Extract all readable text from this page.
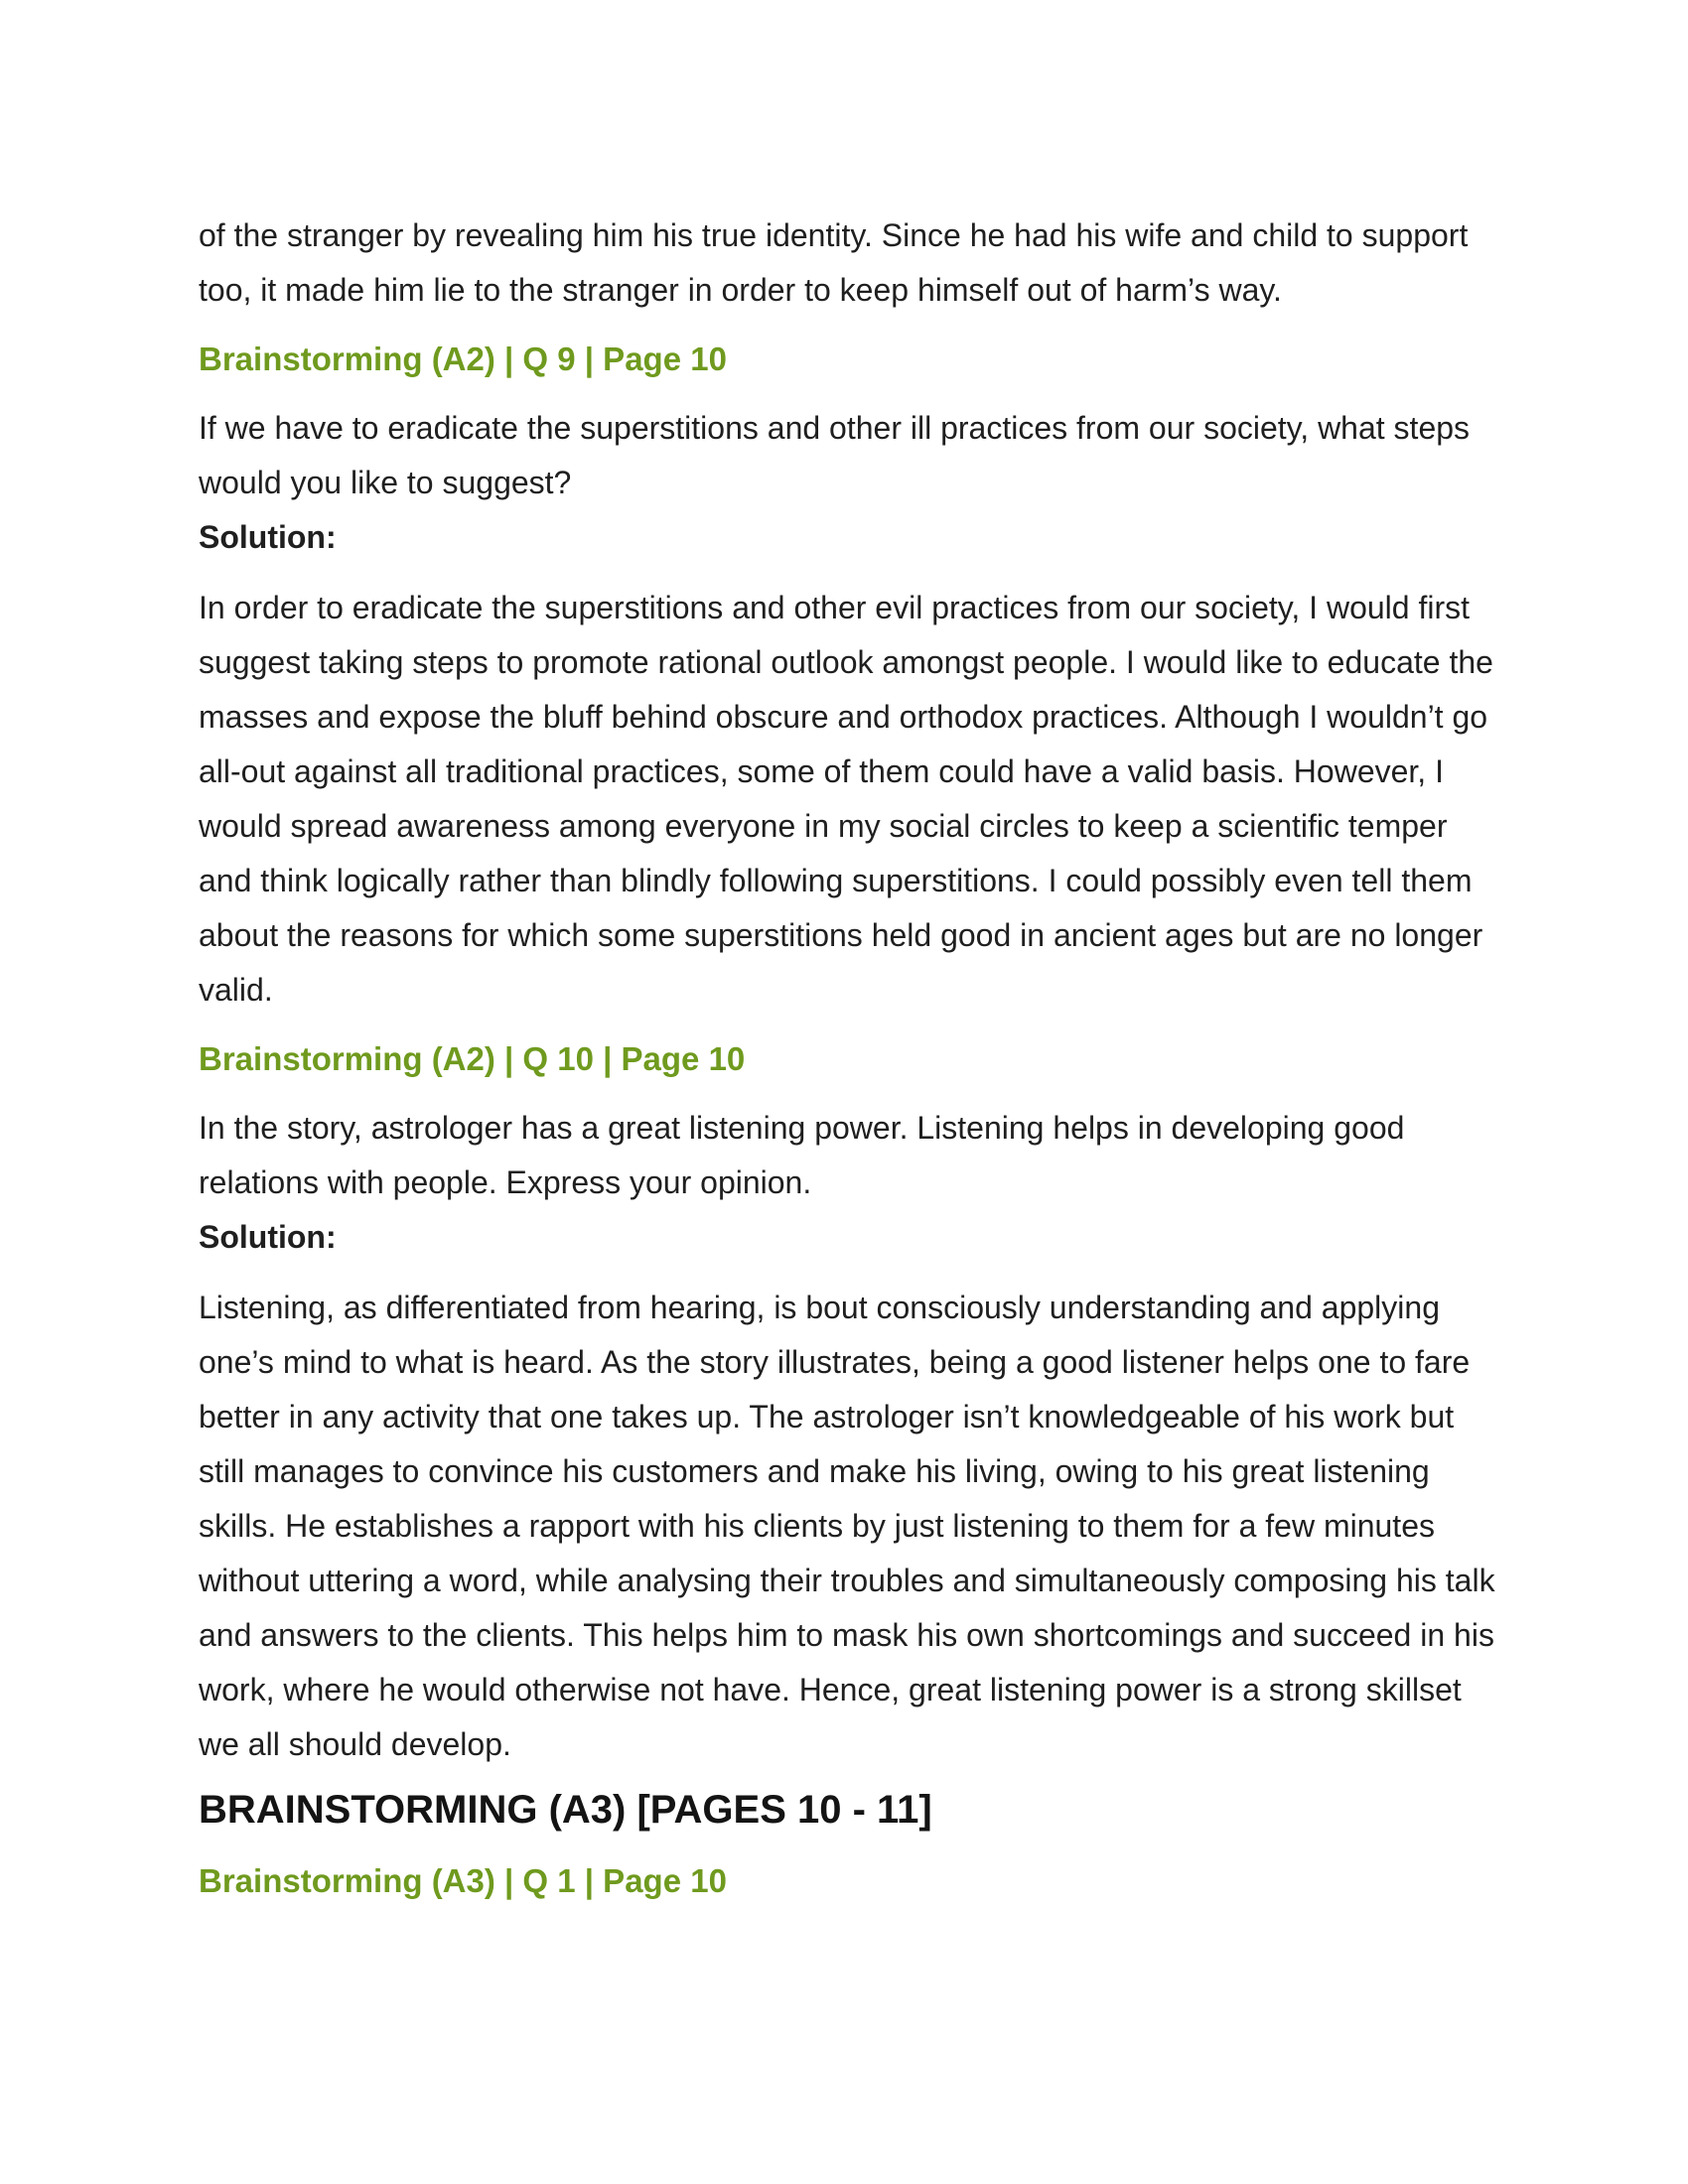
of the stranger by revealing him his true identity. Since he had his wife and child to support too, it made him lie to the stranger in order to keep himself out of harm’s way.

Brainstorming (A2) | Q 9 | Page 10

If we have to eradicate the superstitions and other ill practices from our society, what steps would you like to suggest?

Solution:

In order to eradicate the superstitions and other evil practices from our society, I would first suggest taking steps to promote rational outlook amongst people. I would like to educate the masses and expose the bluff behind obscure and orthodox practices. Although I wouldn’t go all-out against all traditional practices, some of them could have a valid basis. However, I would spread awareness among everyone in my social circles to keep a scientific temper and think logically rather than blindly following superstitions. I could possibly even tell them about the reasons for which some superstitions held good in ancient ages but are no longer valid.

Brainstorming (A2) | Q 10 | Page 10

In the story, astrologer has a great listening power. Listening helps in developing good relations with people. Express your opinion.

Solution:

Listening, as differentiated from hearing, is bout consciously understanding and applying one’s mind to what is heard. As the story illustrates, being a good listener helps one to fare better in any activity that one takes up. The astrologer isn’t knowledgeable of his work but still manages to convince his customers and make his living, owing to his great listening skills. He establishes a rapport with his clients by just listening to them for a few minutes without uttering a word, while analysing their troubles and simultaneously composing his talk and answers to the clients. This helps him to mask his own shortcomings and succeed in his work, where he would otherwise not have. Hence, great listening power is a strong skillset we all should develop.

BRAINSTORMING (A3) [PAGES 10 - 11]

Brainstorming (A3) | Q 1 | Page 10
